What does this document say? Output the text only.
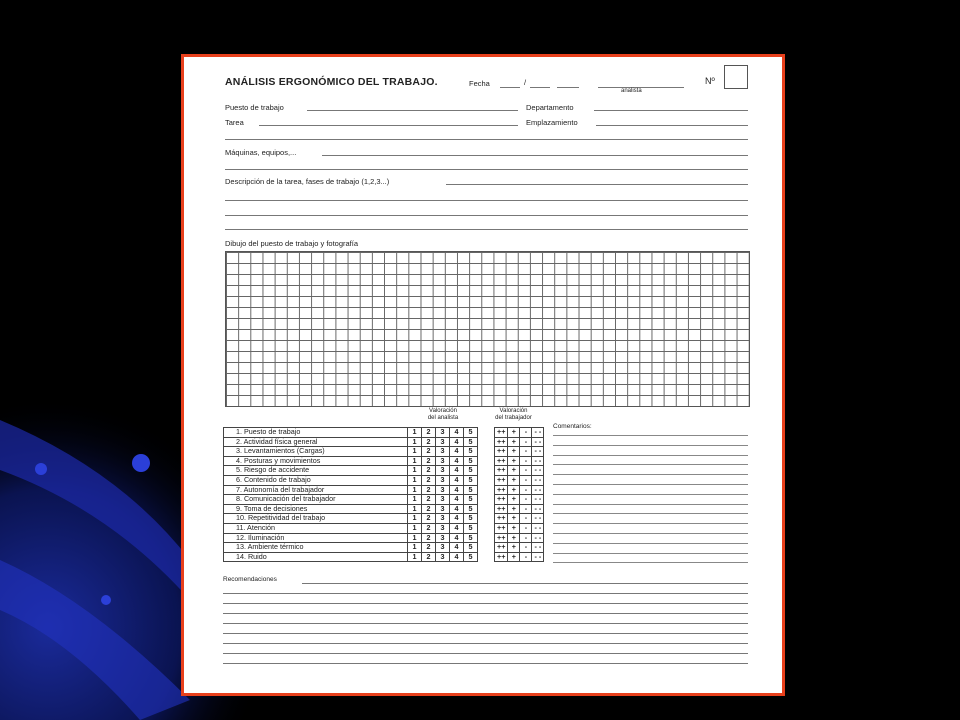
ANÁLISIS ERGONÓMICO DEL TRABAJO.	Fecha	/
analista
Nº
Puesto de trabajo	Departamento
Tarea	Emplazamiento
Máquinas, equipos,...
Descripción de la tarea, fases de trabajo (1,2,3...)
Dibujo del puesto de trabajo y fotografía
Valoración
del analista
Valoración
del trabajador
1. Puesto de trabajo	1	2	3	4	5		++	+	-	- -
2. Actividad física general	1	2	3	4	5		++	+	-	- -
3. Levantamientos (Cargas)	1	2	3	4	5		++	+	-	- -
4. Posturas y movimientos	1	2	3	4	5		++	+	-	- -
5. Riesgo de accidente	1	2	3	4	5		++	+	-	- -
6. Contenido de trabajo	1	2	3	4	5		++	+	-	- -
7. Autonomía del trabajador	1	2	3	4	5		++	+	-	- -
8. Comunicación del trabajador	1	2	3	4	5		++	+	-	- -
9. Toma de decisiones	1	2	3	4	5		++	+	-	- -
10. Repetitividad del trabajo	1	2	3	4	5		++	+	-	- -
11. Atención	1	2	3	4	5		++	+	-	- -
12. Iluminación	1	2	3	4	5		++	+	-	- -
13. Ambiente térmico	1	2	3	4	5		++	+	-	- -
14. Ruido	1	2	3	4	5		++	+	-	- -
Comentarios:
Recomendaciones
